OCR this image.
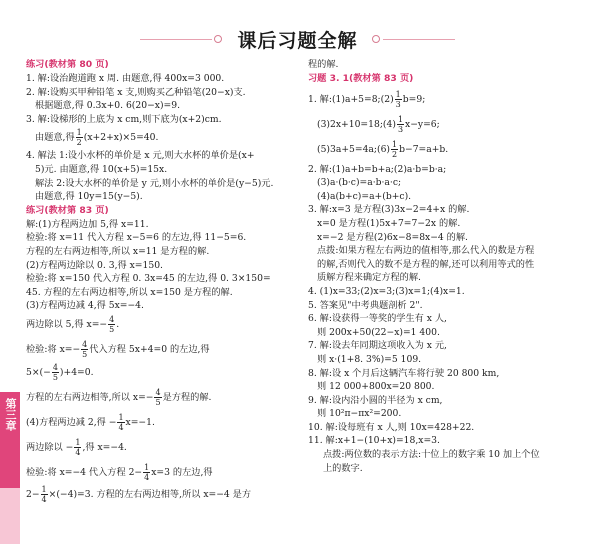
课后习题全解
练习(教材第 80 页)

1. 解:设治跑道跑 x 周. 由题意,得 400x=3 000.

2. 解:设购买甲种铅笔 x 支,则购买乙种铅笔(20−x)支.

根据题意,得 0.3x+0. 6(20−x)=9.

3. 解:设梯形的上底为 x cm,则下底为(x+2)cm.

由题意,得 $\frac{1}{2} (x+2+x)\times 5=40$.

4. 解法 1:设小水杯的单价是 x 元,则大水杯的单价是(x+

5)元. 由题意,得 10(x+5)=15x.

解法 2:设大水杯的单价是 y 元,则小水杯的单价是(y−5)元.

由题意,得 10y=15(y−5).

练习(教材第 83 页)

解:(1)方程两边加 5,得 x=11.

检验:将 x=11 代入方程 x−5=6 的左边,得 11−5=6.

方程的左右两边相等,所以 x=11 是方程的解.

(2)方程两边除以 0. 3,得 x=150.

检验:将 x=150 代入方程 0. 3x=45 的左边,得 0. 3×150=

45. 方程的左右两边相等,所以 x=150 是方程的解.

(3)方程两边减 4,得 5x=−4.

两边除以 5,得 $x=- \frac{4}{5}$ .

检验:将 $x=- \frac{4}{5}$ 代入方程 5x+4=0 的左边,得

$5\times(- \frac{4}{5} )+4=0$.

方程的左右两边相等,所以 $x=- \frac{4}{5}$ 是方程的解.

(4)方程两边减 2,得 − $\frac{1}{4} x=-1$.

两边除以 − $\frac{1}{4}$ ,得 x=−4.

检验:将 x=−4 代入方程 $2- \frac{1}{4} x=3$ 的左边,得

$2- \frac{1}{4} \times(-4)=3$. 方程的左右两边相等,所以 x=−4 是方

程的解.

习题 3. 1(教材第 83 页)

1. 解:(1)a+5=8;(2) $\frac{1}{3} b=9$;

(3)2x+10=18;(4) $\frac{1}{3} x-y=6$;

(5)3a+5=4a;(6) $\frac{1}{2} b-7=a+b$.

2. 解:(1)a+b=b+a;(2)a·b=b·a;

(3)a·(b·c)=a·b·a·c;

(4)a(b+c)=a+(b+c).

3. 解:x=3 是方程(3)3x−2=4+x 的解.

x=0 是方程(1)5x+7=7−2x 的解.

x=−2 是方程(2)6x−8=8x−4 的解.

点拨:如果方程左右两边的值相等,那么代入的数是方程

的解,否则代入的数不是方程的解,还可以利用等式的性

质解方程来确定方程的解.

4. (1)x=33;(2)x=3;(3)x=1;(4)x=1.

5. 答案见"中考典题剖析 2".

6. 解:设获得一等奖的学生有 x 人,

则 200x+50(22−x)=1 400.

7. 解:设去年同期这项收入为 x 元,

则 x·(1+8. 3%)=5 109.

8. 解:设 x 个月后这辆汽车将行驶 20 800 km,

则 12 000+800x=20 800.

9. 解:设内沿小圆的半径为 x cm,

则 10²π−πx²=200.

10. 解:设每班有 x 人,则 10x=428+22.

11. 解:x+1−(10+x)=18,x=3.

点拨:两位数的表示方法:十位上的数字乘 10 加上个位

上的数字.

第三章
